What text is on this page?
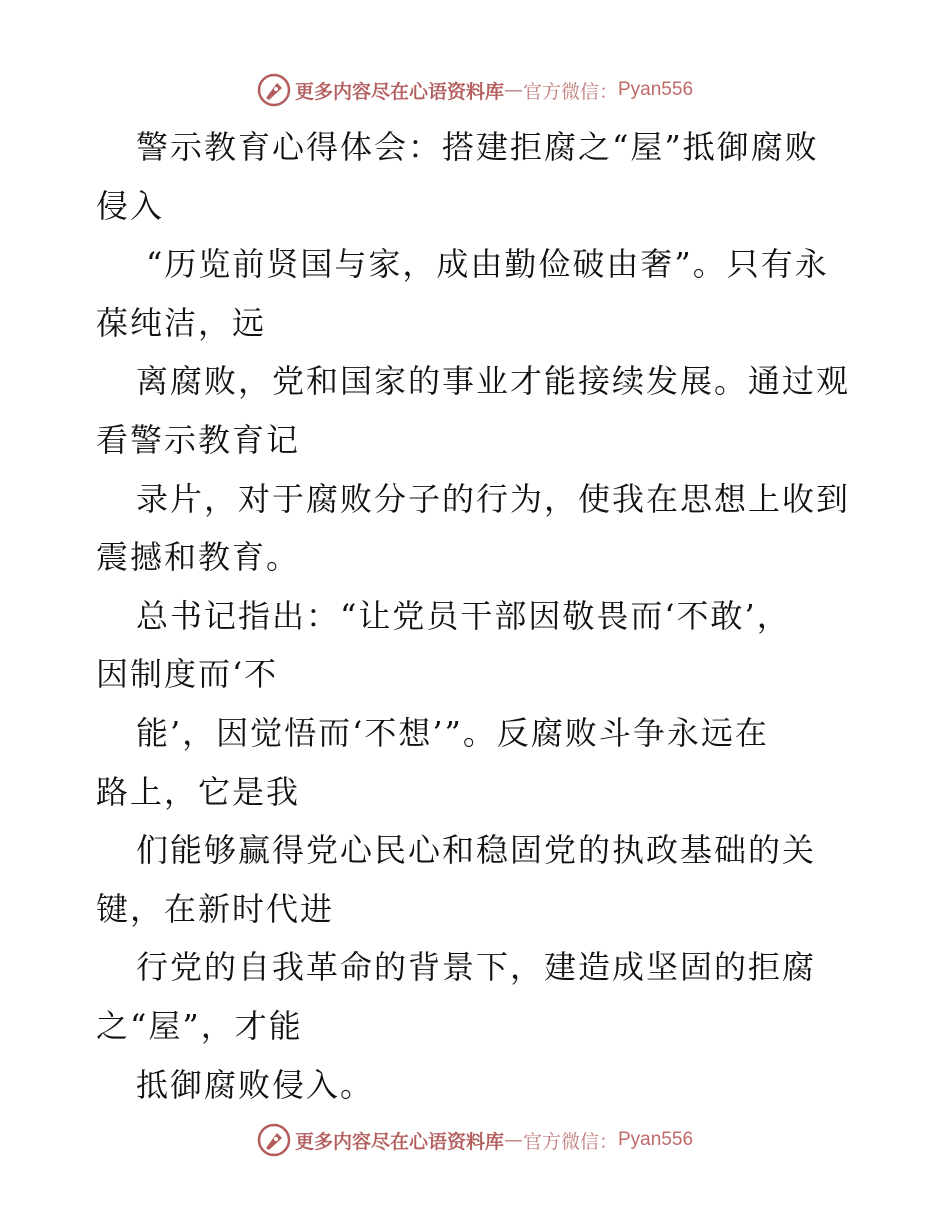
更多内容尽在心语资料库 — 官方微信： Pyan556
警示教育心得体会：搭建拒腐之“屋”抵御腐败
侵入
“历览前贤国与家，成由勤俭破由奢”。只有永
葆纯洁，远
离腐败，党和国家的事业才能接续发展。通过观
看警示教育记
录片，对于腐败分子的行为，使我在思想上收到
震撼和教育。
总书记指出：“让党员干部因敬畏而‘不敢’，
因制度而‘不
能’，因觉悟而‘不想’”。反腐败斗争永远在
路上，它是我
们能够赢得党心民心和稳固党的执政基础的关
键，在新时代进
行党的自我革命的背景下，建造成坚固的拒腐
之“屋”，才能
抵御腐败侵入。
更多内容尽在心语资料库 — 官方微信： Pyan556
